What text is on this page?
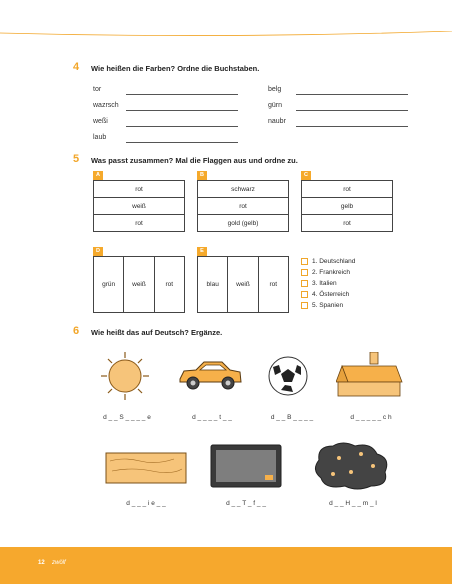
4 Wie heißen die Farben? Ordne die Buchstaben.
tor
wazrsch
weßi
laub
belg
gürn
naubr
5 Was passt zusammen? Mal die Flaggen aus und ordne zu.
A
rot
weiß
rot
B
schwarz
rot
gold (gelb)
C
rot
gelb
rot
D
grün	weiß	rot
E
blau	weiß	rot
1. Deutschland
2. Frankreich
3. Italien
4. Österreich
5. Spanien
6 Wie heißt das auf Deutsch? Ergänze.
d _ _ S _ _ _ _ e	d _ _ _ _ t _ _	d _ _ B _ _ _ _	d _ _ _ _ _ c h
d _ _ _ i e _ _	d _ _ T _ f _ _	d _ _ H _ _ m _ l
12 zwölf
